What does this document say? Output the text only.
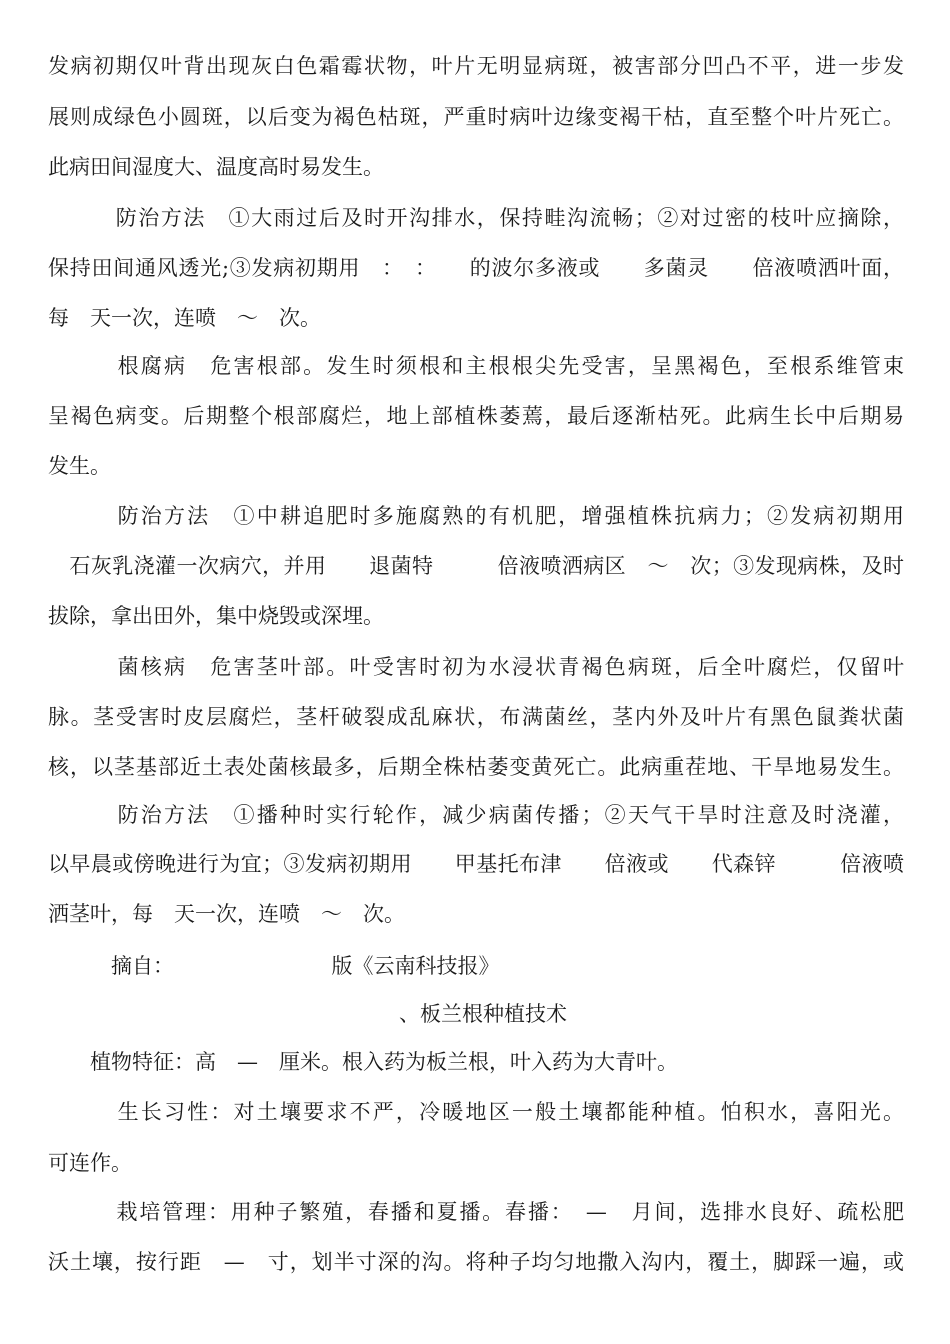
发病初期仅叶背出现灰白色霜霉状物，叶片无明显病斑，被害部分凹凸不平，进一步发
展则成绿色小圆斑，以后变为褐色枯斑，严重时病叶边缘变褐干枯，直至整个叶片死亡。
此病田间湿度大、温度高时易发生。
　　　防治方法　①大雨过后及时开沟排水，保持畦沟流畅；②对过密的枝叶应摘除，
保持田间通风透光;③发病初期用　：　：　　的波尔多液或　　多菌灵　　倍液喷洒叶面，
每　天一次，连喷　～　次。
　　　根腐病　危害根部。发生时须根和主根根尖先受害，呈黑褐色，至根系维管束
呈褐色病变。后期整个根部腐烂，地上部植株萎蔫，最后逐渐枯死。此病生长中后期易
发生。
　　　防治方法　①中耕追肥时多施腐熟的有机肥，增强植株抗病力；②发病初期用
　石灰乳浇灌一次病穴，并用　　退菌特　　　倍液喷洒病区　～　次；③发现病株，及时
拔除，拿出田外，集中烧毁或深埋。
　　　菌核病　危害茎叶部。叶受害时初为水浸状青褐色病斑，后全叶腐烂，仅留叶
脉。茎受害时皮层腐烂，茎杆破裂成乱麻状，布满菌丝，茎内外及叶片有黑色鼠粪状菌
核，以茎基部近土表处菌核最多，后期全株枯萎变黄死亡。此病重茬地、干旱地易发生。
　　　防治方法　①播种时实行轮作，减少病菌传播；②天气干旱时注意及时浇灌，
以早晨或傍晚进行为宜；③发病初期用　　甲基托布津　　倍液或　　代森锌　　　倍液喷
洒茎叶，每　天一次，连喷　～　次。
　　　摘自：　　　　　　　　版《云南科技报》
、板兰根种植技术
　　植物特征：高　—　厘米。根入药为板兰根，叶入药为大青叶。
　　　生长习性：对土壤要求不严，冷暖地区一般土壤都能种植。怕积水，喜阳光。
可连作。
　　　栽培管理：用种子繁殖，春播和夏播。春播：　—　月间，选排水良好、疏松肥
沃土壤，按行距　—　寸，划半寸深的沟。将种子均匀地撒入沟内，覆土，脚踩一遍，或
